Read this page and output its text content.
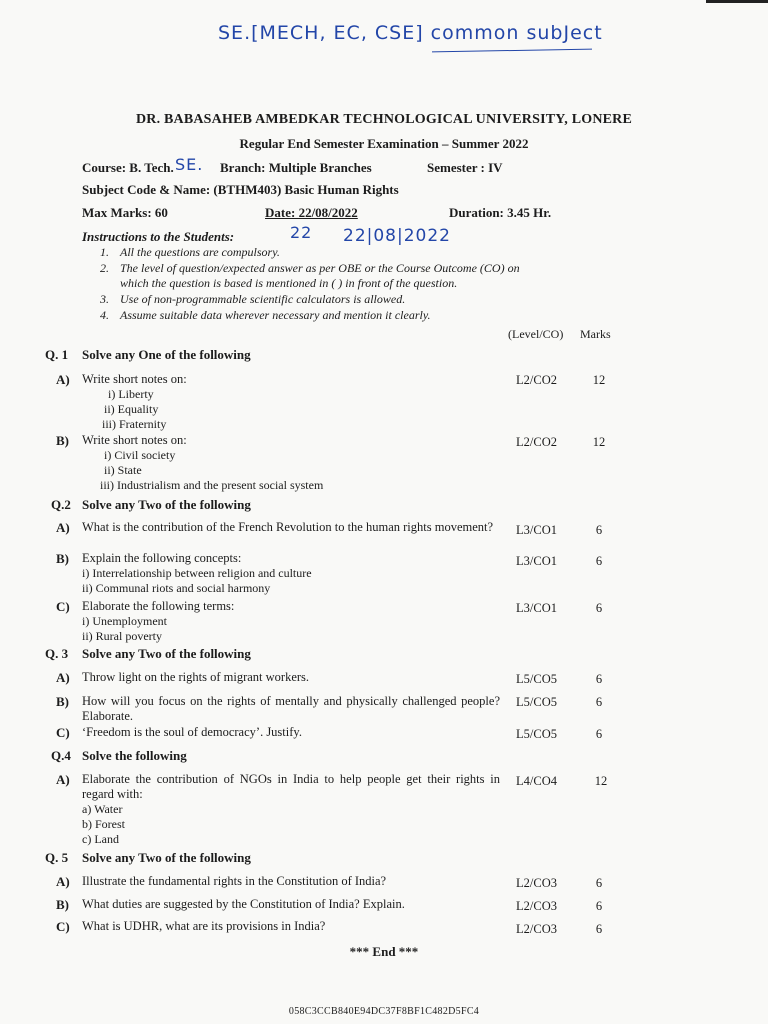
SE.[MECH, EC, CSE] common subJect
DR. BABASAHEB AMBEDKAR TECHNOLOGICAL UNIVERSITY, LONERE
Regular End Semester Examination – Summer 2022
Course: B. Tech. SE. Branch: Multiple Branches	Semester : IV
Subject Code & Name: (BTHM403) Basic Human Rights
Max Marks: 60	Date: 22/08/2022	Duration: 3.45 Hr.
22 22|08|2022
Instructions to the Students:
1. All the questions are compulsory.
2. The level of question/expected answer as per OBE or the Course Outcome (CO) on
which the question is based is mentioned in ( ) in front of the question.
3. Use of non-programmable scientific calculators is allowed.
4. Assume suitable data wherever necessary and mention it clearly.
(Level/CO) Marks
Q. 1 Solve any One of the following
A) Write short notes on:
i) Liberty
ii) Equality
iii) Fraternity
L2/CO2	12
B) Write short notes on:
i) Civil society
ii) State
iii) Industrialism and the present social system
L2/CO2	12
Q.2 Solve any Two of the following
A) What is the contribution of the French Revolution to the human rights movement?	L3/CO1	6
B) Explain the following concepts:
i) Interrelationship between religion and culture
ii) Communal riots and social harmony
L3/CO1	6
C) Elaborate the following terms:
i) Unemployment
ii) Rural poverty
L3/CO1	6
Q. 3 Solve any Two of the following
A) Throw light on the rights of migrant workers.	L5/CO5	6
B) How will you focus on the rights of mentally and physically challenged people? Elaborate.
L5/CO5	6
C) ‘Freedom is the soul of democracy’. Justify.	L5/CO5	6
Q.4 Solve the following
A) Elaborate the contribution of NGOs in India to help people get their rights in regard with:
a) Water
b) Forest
c) Land
L4/CO4	12
Q. 5 Solve any Two of the following
A) Illustrate the fundamental rights in the Constitution of India?	L2/CO3	6
B) What duties are suggested by the Constitution of India? Explain.	L2/CO3	6
C) What is UDHR, what are its provisions in India?	L2/CO3	6
*** End ***
058C3CCB840E94DC37F8BF1C482D5FC4
